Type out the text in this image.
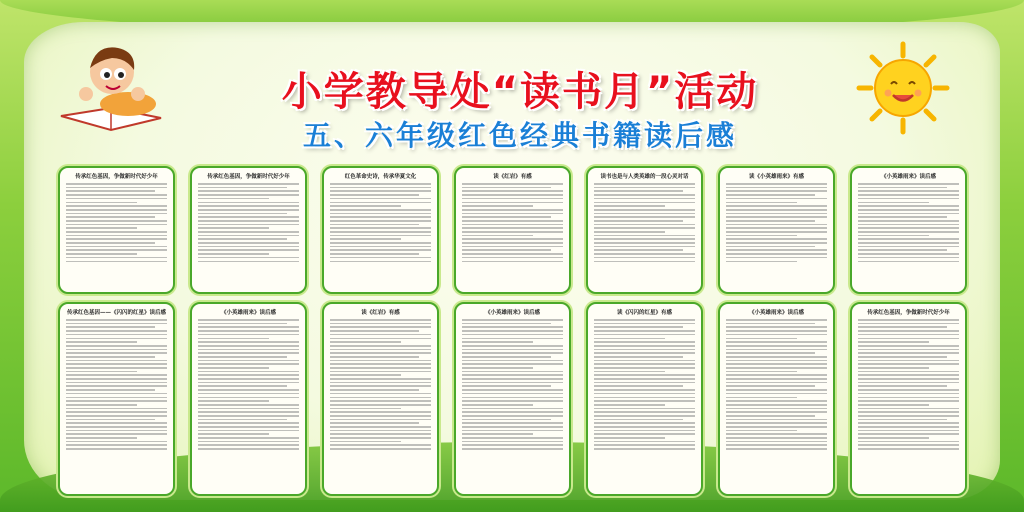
小学教导处“读书月”活动
五、六年级红色经典书籍读后感
传承红色基因，争做新时代好少年	传承红色基因，争做新时代好少年	红色革命史诗，传承华夏文化	读《红岩》有感	读书也是与人类英雄的一段心灵对话	读《小英雄雨来》有感	《小英雄雨来》读后感
传承红色基因——《闪闪的红星》读后感	《小英雄雨来》读后感	读《红岩》有感	《小英雄雨来》读后感	读《闪闪的红星》有感	《小英雄雨来》读后感	传承红色基因，争做新时代好少年
